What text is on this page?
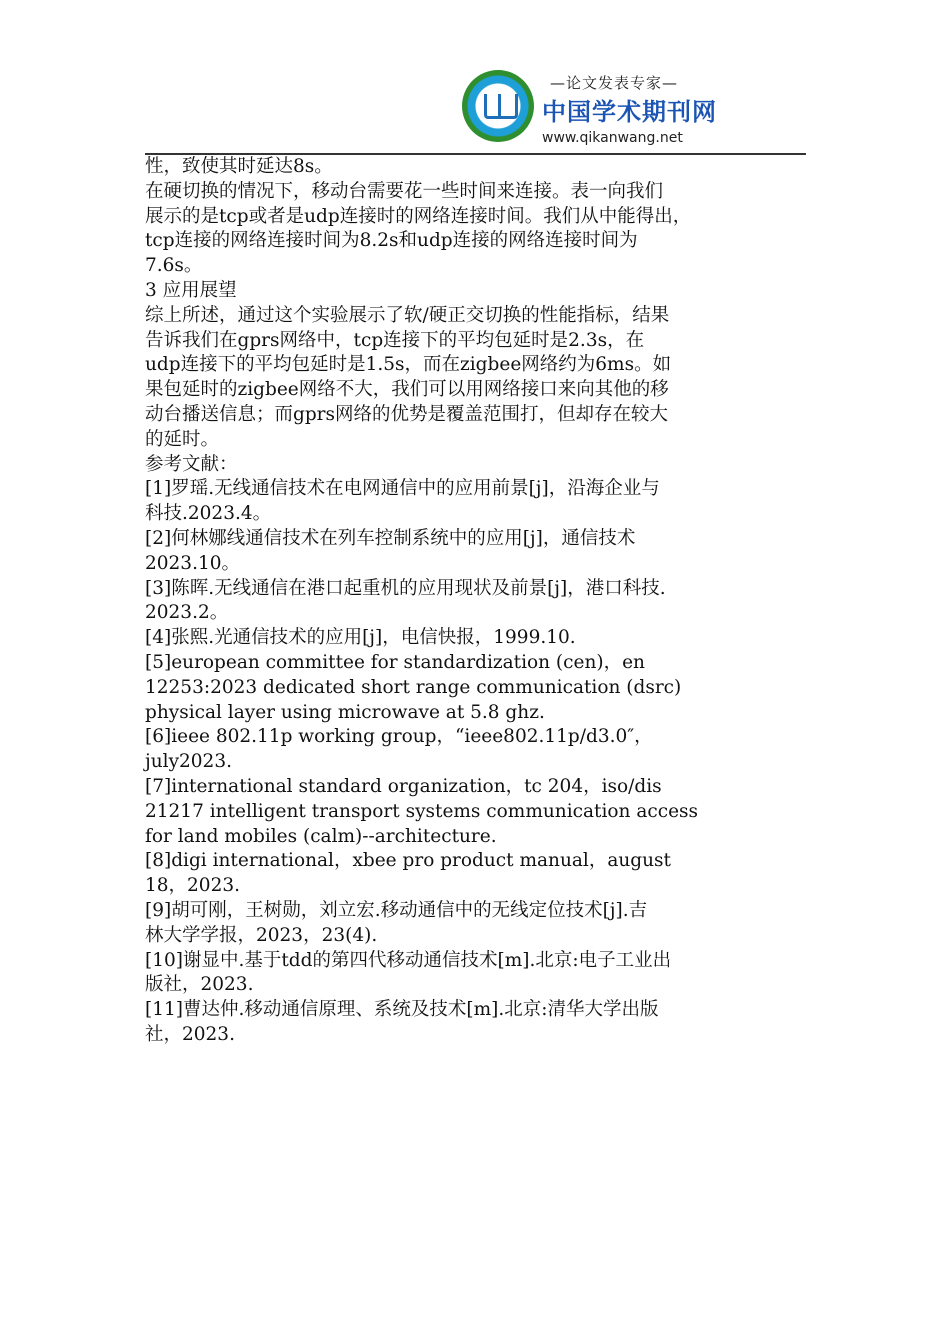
—论文发表专家—
中国学术期刊网
www.qikanwang.net

性，致使其时延达8s。

在硬切换的情况下，移动台需要花一些时间来连接。表一向我们

展示的是tcp或者是udp连接时的网络连接时间。我们从中能得出，

tcp连接的网络连接时间为8.2s和udp连接的网络连接时间为

7.6s。

3 应用展望

综上所述，通过这个实验展示了软/硬正交切换的性能指标，结果

告诉我们在gprs网络中，tcp连接下的平均包延时是2.3s，在

udp连接下的平均包延时是1.5s，而在zigbee网络约为6ms。如

果包延时的zigbee网络不大，我们可以用网络接口来向其他的移

动台播送信息；而gprs网络的优势是覆盖范围打，但却存在较大

的延时。

参考文献：

[1]罗瑶.无线通信技术在电网通信中的应用前景[j]，沿海企业与

科技.2023.4。

[2]何林娜线通信技术在列车控制系统中的应用[j]，通信技术

2023.10。

[3]陈晖.无线通信在港口起重机的应用现状及前景[j]，港口科技.

2023.2。

[4]张熙.光通信技术的应用[j]，电信快报，1999.10.

[5]european committee for standardization (cen)，en

12253:2023 dedicated short range communication (dsrc)

physical layer using microwave at 5.8 ghz.

[6]ieee 802.11p working group，“ieee802.11p/d3.0″，

july2023.

[7]international standard organization，tc 204，iso/dis

21217 intelligent transport systems communication access

for land mobiles (calm)--architecture.

[8]digi international，xbee pro product manual，august

18，2023.

[9]胡可刚，王树勋，刘立宏.移动通信中的无线定位技术[j].吉

林大学学报，2023，23(4).

[10]谢显中.基于tdd的第四代移动通信技术[m].北京:电子工业出

版社，2023.

[11]曹达仲.移动通信原理、系统及技术[m].北京:清华大学出版

社，2023.
